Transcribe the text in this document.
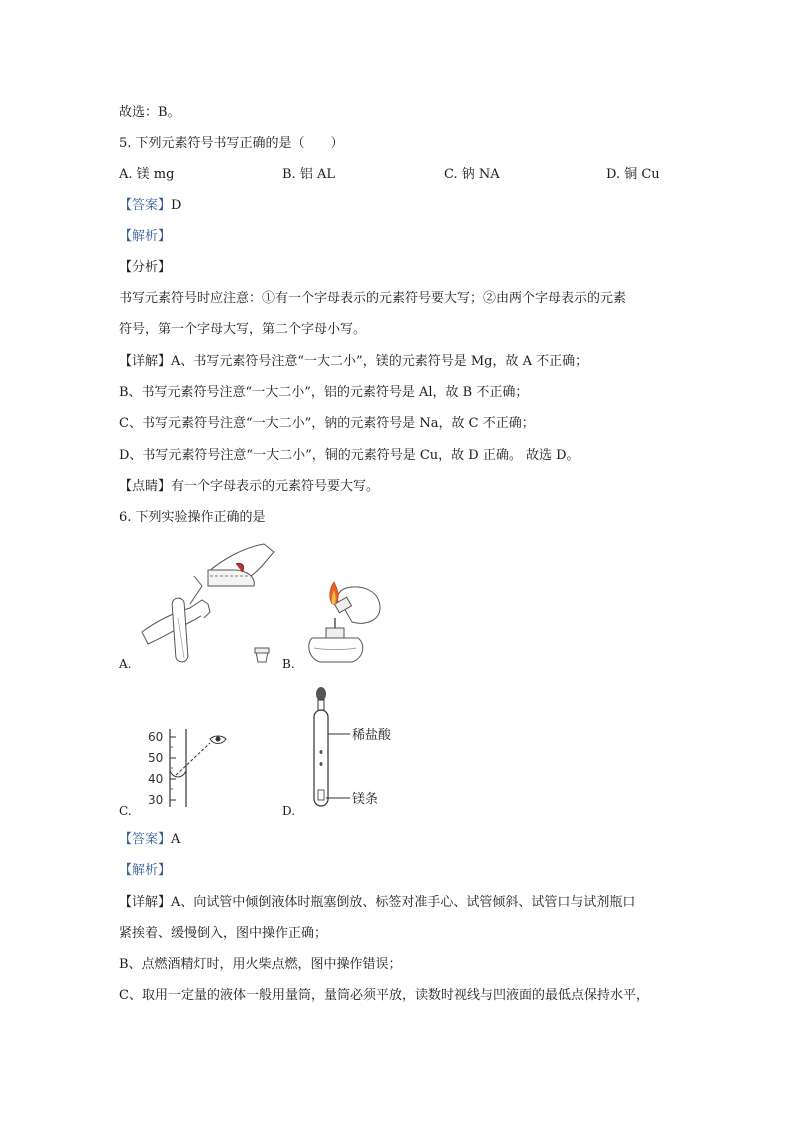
故选：B。
5. 下列元素符号书写正确的是（　　）
A. 镁 mg	B. 铝 AL	C. 钠 NA	D. 铜 Cu
【答案】D
【解析】
【分析】
书写元素符号时应注意：①有一个字母表示的元素符号要大写；②由两个字母表示的元素
符号，第一个字母大写，第二个字母小写。
【详解】A、书写元素符号注意“一大二小”，镁的元素符号是 Mg，故 A 不正确；
B、书写元素符号注意“一大二小”，铝的元素符号是 Al，故 B 不正确；
C、书写元素符号注意“一大二小”，钠的元素符号是 Na，故 C 不正确；
D、书写元素符号注意“一大二小”，铜的元素符号是 Cu，故 D 正确。 故选 D。
【点睛】有一个字母表示的元素符号要大写。
6. 下列实验操作正确的是
A.	B.
60
50
40
30
C.
稀盐酸
镁条
D.
【答案】A
【解析】
【详解】A、向试管中倾倒液体时瓶塞倒放、标签对准手心、试管倾斜、试管口与试剂瓶口
紧挨着、缓慢倒入，图中操作正确；
B、点燃酒精灯时，用火柴点燃，图中操作错误；
C、取用一定量的液体一般用量筒，量筒必须平放，读数时视线与凹液面的最低点保持水平，
